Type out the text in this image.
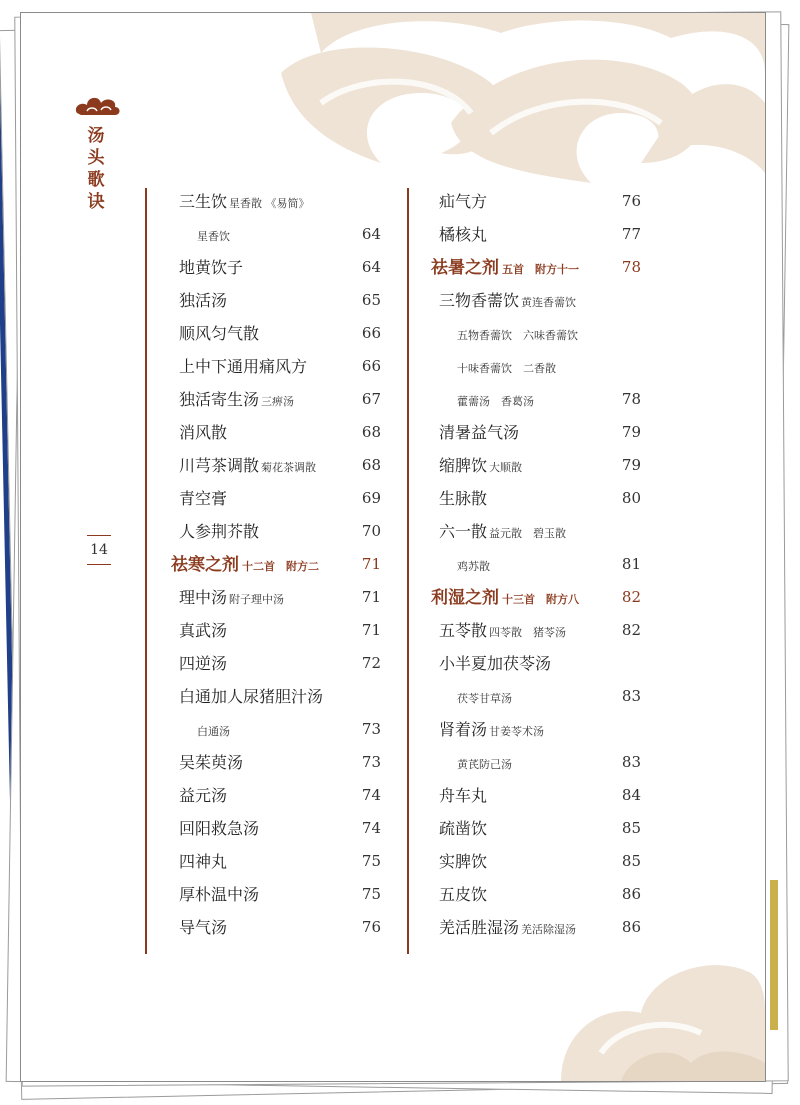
汤头歌诀
14
三生饮 星香散 《易简》
星香饮	64
地黄饮子	64
独活汤	65
顺风匀气散	66
上中下通用痛风方	66
独活寄生汤 三痹汤	67
消风散	68
川芎茶调散 菊花茶调散	68
青空膏	69
人参荆芥散	70
祛寒之剂 十二首　附方二	71
理中汤 附子理中汤	71
真武汤	71
四逆汤	72
白通加人尿猪胆汁汤
白通汤	73
吴茱萸汤	73
益元汤	74
回阳救急汤	74
四神丸	75
厚朴温中汤	75
导气汤	76
疝气方	76
橘核丸	77
祛暑之剂 五首　附方十一	78
三物香薷饮 黄连香薷饮
五物香薷饮　六味香薷饮
十味香薷饮　二香散
藿薷汤　香葛汤	78
清暑益气汤	79
缩脾饮 大顺散	79
生脉散	80
六一散 益元散　碧玉散
鸡苏散	81
利湿之剂 十三首　附方八	82
五苓散 四苓散　猪苓汤	82
小半夏加茯苓汤
茯苓甘草汤	83
肾着汤 甘姜苓术汤
黄芪防己汤	83
舟车丸	84
疏凿饮	85
实脾饮	85
五皮饮	86
羌活胜湿汤 羌活除湿汤	86
